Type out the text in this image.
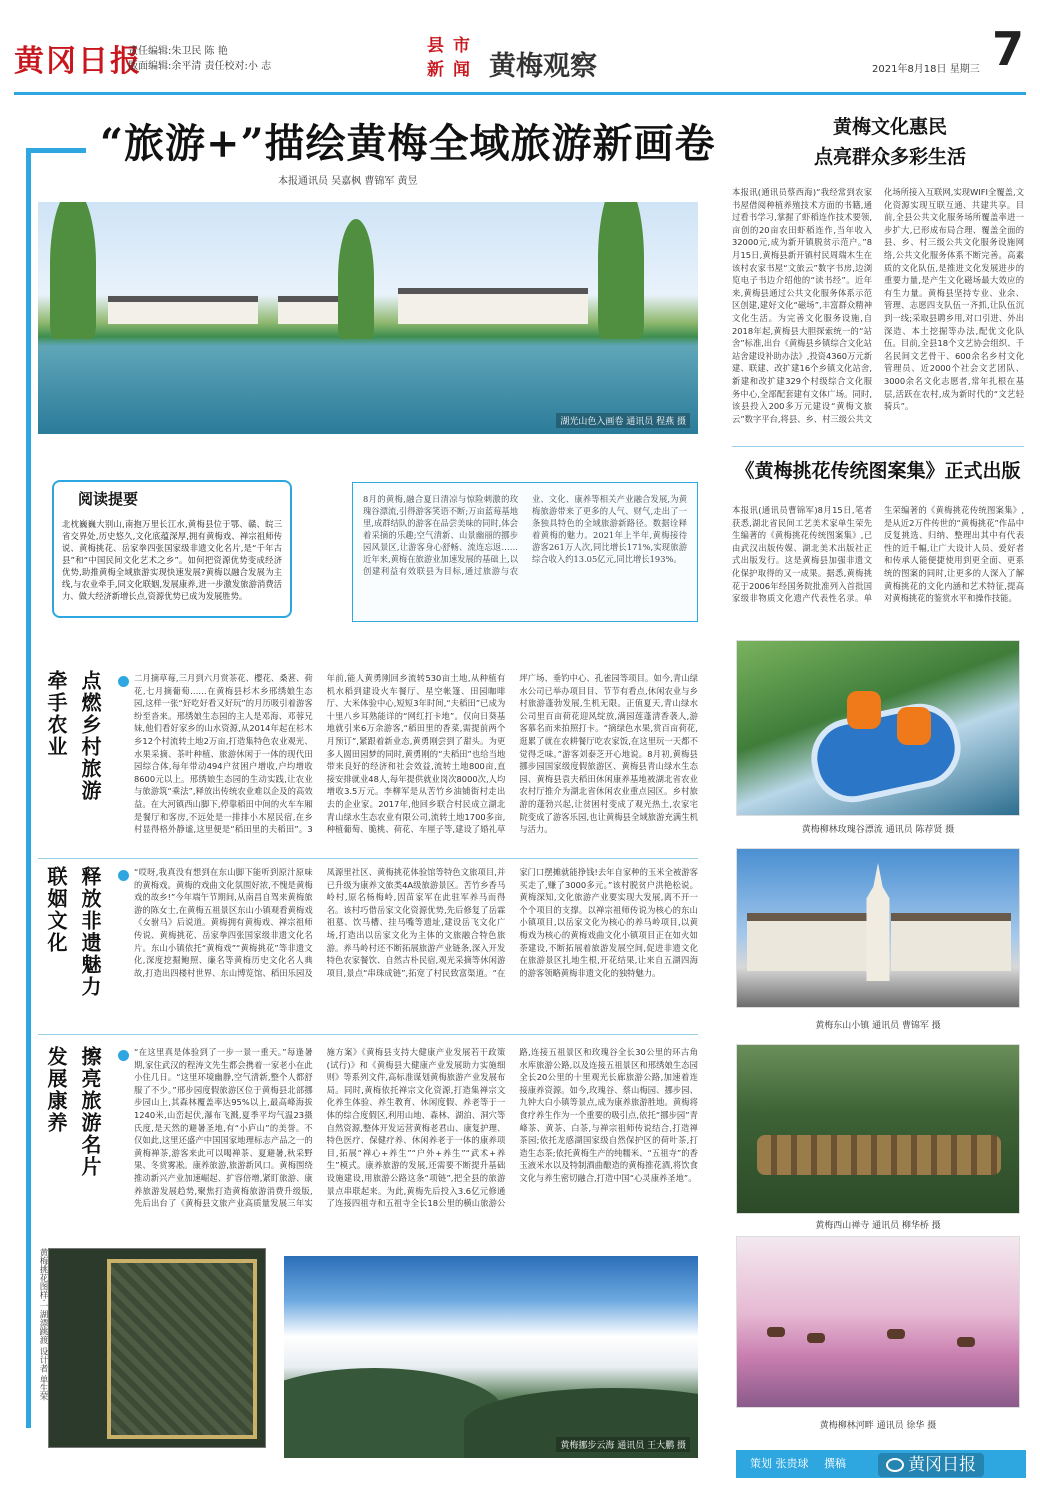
黄冈日报
责任编辑:朱卫民 陈 艳
版面编辑:余平清 责任校对:小 志
县 市
新 闻 黄梅观察	2021年8月18日 星期三 7
“旅游+”描绘黄梅全域旅游新画卷
本报通讯员 吴嘉枫 曹锦军 黄昱
湖光山色入画卷 通讯员 程燕 摄
北枕巍巍大别山,南抱万里长江水,黄梅县位于鄂、赣、皖三省交界处,历史悠久,文化底蕴深厚,拥有黄梅戏、禅宗祖师传说、黄梅挑花、岳家拳四张国家级非遗文化名片,是“千年古县”和“中国民间文化艺术之乡”。如何把资源优势变成经济优势,助推黄梅全域旅游实现快速发展?黄梅以融合发展为主线,与农业牵手,同文化联姻,发展康养,进一步激发旅游消费活力、做大经济新增长点,资源优势已成为发展胜势。
阅读提要	8月的黄梅,融合夏日清凉与惊险刺激的玫瑰谷漂流,引得游客笑语不断;万亩蓝莓基地里,成群结队的游客在品尝美味的同时,体会着采摘的乐趣;空气清新、山景幽丽的挪步园风景区,让游客身心舒畅、流连忘返……近年来,黄梅在旅游业加速发展的基础上,以创建利益有效联县为目标,通过旅游与农业、文化、康养等相关产业融合发展,为黄梅旅游带来了更多的人气、财气,走出了一条独具特色的全域旅游新路径。数据诠释着黄梅的魅力。2021年上半年,黄梅接待游客261万人次,同比增长171%,实现旅游综合收入约13.05亿元,同比增长193%。
点燃乡村旅游
牵手农业	二月摘草莓,三月到六月赏茶花、樱花、桑葚、荷花,七月摘葡萄……在黄梅县杉木乡邢绣娘生态园,这样一张“好吃好看又好玩”的月历吸引着游客纷至沓来。邢绣娘生态园的主人是邓海、邓蓉兄妹,他们看好家乡的山水资源,从2014年起在杉木乡12个村流转土地2万亩,打造集特色农业观光、水果采摘、茶叶种植、旅游休闲于一体的现代田园综合体,每年带动494户贫困户增收,户均增收8600元以上。邢绣娘生态园的生动实践,让农业与旅游筑“乘法”,释放出传统农业难以企及的高效益。在大河镇西山脚下,停靠稻田中间的火车车厢是餐厅和客房,不远处是一排排小木屋民宿,在乡村显得格外静谧,这里便是“稻田里的夫稻田”。3年前,能人黄勇刚回乡流转530亩土地,从种植有机水稻到建设火车餐厅、星空帐篷、田园咖啡厅、大米体验中心,短短3年时间,“夫稻田”已成为十里八乡耳熟能详的“网红打卡地”。仅向日葵基地就引来6万余游客,“稻田里的香菜,需提前两个月预订”,紧跟着新业态,黄勇刚尝到了甜头。为更多人圆田园梦的同时,黄勇刚的“夫稻田”也给当地带来良好的经济和社会效益,流转土地800亩,直接安排就业48人,每年提供就业岗次8000次,人均增收3.5万元。李柳军是从苦竹乡油铺街村走出去的企业家。2017年,他回乡联合村民成立湖北青山绿水生态农业有限公司,流转土地1700多亩,种植葡萄、脆桃、荷花、车厘子等,建设了婚礼草坪广场、垂钓中心、孔雀园等项目。如今,青山绿水公司已举办项目目、节节有看点,休闲农业与乡村旅游蓬勃发展,生机无限。正值夏天,青山绿水公司里百亩荷花迎风绽放,满园莲蓬清香袭人,游客慕名而来拍照打卡。“摘绿色水果,赏百亩荷花,逛累了就在农耕餐厅吃农家饭,在这里玩一天都不觉得乏味。”游客刘泰芝开心地说。8月初,黄梅县挪步园国家级度假旅游区、黄梅县青山绿水生态园、黄梅县袁夫稻田休闲康养基地被湖北省农业农村厅推介为湖北省休闲农业重点园区。乡村旅游的蓬勃兴起,让贫困村变成了观光热土,农家宅院变成了游客乐园,也让黄梅县全域旅游充满生机与活力。
释放非遗魅力
联姻文化	“哎呀,我真没有想到在东山脚下能听到原汁原味的黄梅戏。黄梅的戏曲文化氛围好浓,不愧是黄梅戏的故乡!”今年端午节期间,从南昌自驾来黄梅旅游的陈女士,在黄梅五祖景区东山小镇观看黄梅戏《女驸马》后说道。黄梅拥有黄梅戏、禅宗祖师传说、黄梅挑花、岳家拳四张国家级非遗文化名片。东山小镇依托“黄梅戏”“黄梅挑花”等非遗文化,深度挖掘鲍照、廉名等黄梅历史文化名人典故,打造出四楼村世界、东山博览馆、稻田乐园及凤源里社区、黄梅挑花体验馆等特色文旅项目,并已升级为康养文旅类4A级旅游景区。苦竹乡香马岭村,原名杨梅岭,因苗家军在此驻军养马而得名。该村巧借岳家文化资源优势,先后修复了岳霖祖墓、饮马槽、挂马嘴等遗址,建设岳飞文化广场,打造出以岳家文化为主体的文旅融合特色旅游。养马岭村还不断拓展旅游产业链条,深入开发特色农家餐饮、自然古朴民宿,观光采摘等休闲游项目,景点“串珠成链”,拓宽了村民致富渠道。“在家门口摆摊就能挣钱!去年自家种的玉米全被游客买走了,赚了3000多元。”该村脱贫户洪艳松说。黄梅深知,文化旅游产业要实现大发展,离不开一个个项目的支撑。以禅宗祖师传说为核心的东山小镇项目,以岳家文化为核心的养马岭项目,以黄梅戏为核心的黄梅戏曲文化小镇项目正在如火如荼建设,不断拓展着旅游发展空间,促进非遗文化在旅游景区扎地生根,开花结果,让来自五湖四海的游客领略黄梅非遗文化的独特魅力。
擦亮旅游名片
发展康养	“在这里真是体验到了一步一景一重天。”每逢暑期,家住武汉的程涛文先生都会携着一家老小在此小住几日。“这里环境幽静,空气清新,整个人都舒服了不少。”邢步园度假旅游区位于黄梅县北部挪步园山上,其森林覆盖率达95%以上,最高峰海拔1240米,山峦起伏,瀑布飞溅,夏季平均气温23摄氏度,是天然的避暑圣地,有“小庐山”的美誉。不仅如此,这里还盛产中国国家地理标志产品之一的黄梅禅茶,游客来此可以喝禅茶、夏避暑,秋采野果、冬赏雾凇。康养旅游,旅游新风口。黄梅围绕推动新兴产业加速崛起、扩容倍增,紧盯旅游、康养旅游发展趋势,聚焦打造黄梅旅游消费升级版,先后出台了《黄梅县文旅产业高质量发展三年实施方案》《黄梅县支持大健康产业发展若干政策(试行)》和《黄梅县大健康产业发展助力实施细则》等系列文件,高标准谋划黄梅旅游产业发展布局。同时,黄梅依托禅宗文化资源,打造集禅宗文化养生体验、养生教育、休闲度假、养老等于一体的综合度假区,利用山地、森林、湖泊、洞穴等自然资源,整体开发运营黄梅老君山、康复护理、特色医疗、保健疗养、休闲养老于一体的康养项目,拓展“禅心+养生”“户外+养生”“武术+养生”模式。康养旅游的发展,还需要不断提升基础设施建设,用旅游公路这条“项链”,把全县的旅游景点串联起来。为此,黄梅先后投入3.6亿元修通了连接四祖寺和五祖寺全长18公里的横山旅游公路,连接五祖景区和玫瑰谷全长30公里的环古角水库旅游公路,以及连接五祖景区和邢绣娘生态园全长20公里的十里观光长廊旅游公路,加速着连接康养资源。如今,玫瑰谷、蔡山梅园、挪步园、九钟大白小镇等景点,成为康养旅游胜地。黄梅将食疗养生作为一个重要的吸引点,依托“挪步园”青峰茶、黄茶、白茶,与禅宗祖师传说结合,打造禅茶园;依托龙感湖国家级自然保护区的荷叶茶,打造生态茶;依托黄梅生产的纯糯米、“五祖寺”的香玉液米水以及特制酒曲酿造的黄梅推花酒,将饮食文化与养生密切融合,打造中国“心灵康养圣地”。
黄梅挑花图样·一湖漂跳渡 设计者 单生荣
黄梅挪步云海 通讯员 王大鹏 摄
黄梅文化惠民
点亮群众多彩生活
本报讯(通讯员蔡西海)“我经常到农家书屋借阅种植养殖技术方面的书籍,通过看书学习,掌握了虾稻连作技术要领,亩创的20亩农田虾稻连作,当年收入32000元,成为新开镇脱贫示范户。”8月15日,黄梅县新开镇村民周瑞木生在该村农家书屋“文旅云”数字书房,边浏览电子书边介绍他的“读书经”。近年来,黄梅县通过公共文化服务体系示范区创建,建好文化“磁场”,丰富群众精神文化生活。为完善文化服务设施,自2018年起,黄梅县大胆探索统一的“站舍”标准,出台《黄梅县乡镇综合文化站站舍建设补助办法》,投资4360万元新建、联建、改扩建16个乡镇文化站舍,新建和改扩建329个村级综合文化服务中心,全部配套建有文体广场。同时,该县投入200多万元建设“黄梅文旅云”数字平台,将县、乡、村三级公共文化场所接入互联网,实现WIFI全覆盖,文化资源实现互联互通、共建共享。目前,全县公共文化服务场所覆盖率进一步扩大,已形成布局合理、覆盖全面的县、乡、村三级公共文化服务设施网络,公共文化服务体系不断完善。高素质的文化队伍,是推进文化发展进步的重要力量,是产生文化磁场最大效应的有生力量。黄梅县坚持专业、业余、管理、志愿四支队伍一齐抓,让队伍沉到一线;采取县聘乡用,对口引进、外出深造、本土挖掘等办法,配优文化队伍。目前,全县18个文艺协会组织、千名民间文艺骨干、600余名乡村文化管理员、近2000个社会文艺团队、3000余名文化志愿者,常年扎根在基层,活跃在农村,成为新时代的“文艺轻骑兵”。
《黄梅挑花传统图案集》正式出版
本报讯(通讯员曹锦军)8月15日,笔者获悉,湖北省民间工艺美术家单生荣先生编著的《黄梅挑花传统图案集》,已由武汉出版传媒、湖北美术出版社正式出版发行。这是黄梅县加强非遗文化保护取得的又一成果。据悉,黄梅挑花于2006年经国务院批准列入首批国家级非物质文化遗产代表性名录。单生荣编著的《黄梅挑花传统图案集》,是从近2万件传世的“黄梅挑花”作品中反复挑选、归纳、整理出其中有代表性的近千幅,让广大设计人员、爱好者和传承人能便捷使用到更全面、更系统的图案的同时,让更多的人深入了解黄梅挑花的文化内涵和艺术特征,提高对黄梅挑花的鉴赏水平和操作技能。
黄梅柳林玫瑰谷漂流 通讯员 陈荐贤 摄
黄梅东山小镇 通讯员 曹锦军 摄
黄梅西山禅寺 通讯员 柳华桥 摄
黄梅柳林河畔 通讯员 徐华 摄
策划 张贵球 撰稿	黄冈日报
